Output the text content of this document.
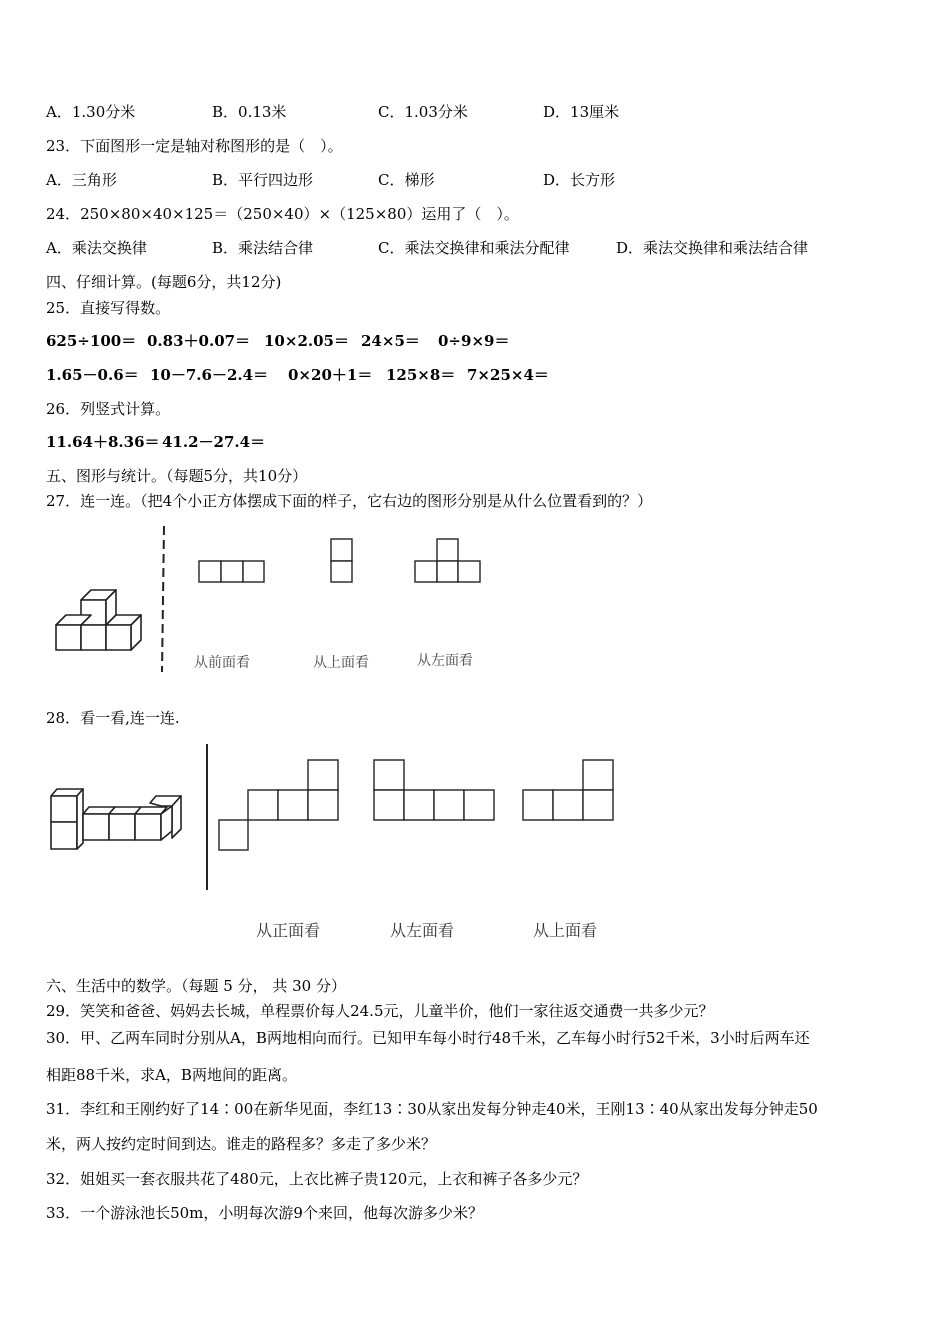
A．1.30分米	B．0.13米	C．1.03分米	D．13厘米
23．下面图形一定是轴对称图形的是（　）。
A．三角形	B．平行四边形	C．梯形	D．长方形
24．250×80×40×125＝（250×40）×（125×80）运用了（　）。
A．乘法交换律	B．乘法结合律	C．乘法交换律和乘法分配律	D．乘法交换律和乘法结合律
四、仔细计算。(每题6分，共12分)
25．直接写得数。
625÷100＝ 0.83＋0.07＝ 10×2.05＝ 24×5＝ 0÷9×9＝
1.65－0.6＝ 10－7.6－2.4＝ 0×20＋1＝ 125×8＝ 7×25×4＝
26．列竖式计算。
11.64＋8.36＝ 41.2－27.4＝
五、图形与统计。（每题5分，共10分）
27．连一连。（把4个小正方体摆成下面的样子，它右边的图形分别是从什么位置看到的？）
从前面看	从上面看	从左面看
28．看一看,连一连.
从正面看	从左面看	从上面看
六、生活中的数学。（每题 5 分， 共 30 分）
29．笑笑和爸爸、妈妈去长城，单程票价每人24.5元，儿童半价，他们一家往返交通费一共多少元？
30．甲、乙两车同时分别从A，B两地相向而行。已知甲车每小时行48千米，乙车每小时行52千米，3小时后两车还
相距88千米，求A，B两地间的距离。
31．李红和王刚约好了14∶00在新华见面，李红13∶30从家出发每分钟走40米，王刚13∶40从家出发每分钟走50
米，两人按约定时间到达。谁走的路程多？多走了多少米？
32．姐姐买一套衣服共花了480元，上衣比裤子贵120元，上衣和裤子各多少元？
33．一个游泳池长50m，小明每次游9个来回，他每次游多少米？
